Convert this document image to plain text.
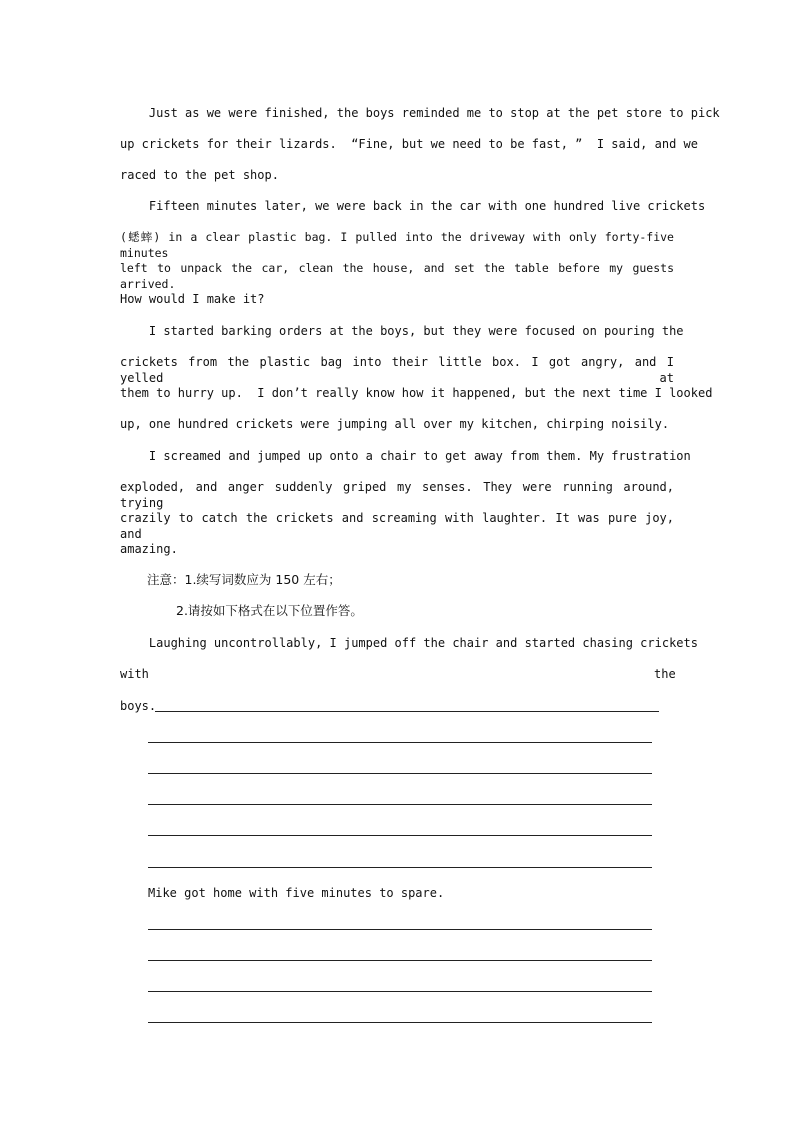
Just as we were finished, the boys reminded me to stop at the pet store to pick
up crickets for their lizards.  “Fine, but we need to be fast, ”  I said, and we
raced to the pet shop.
Fifteen minutes later, we were back in the car with one hundred live crickets
(蟋蟀) in a clear plastic bag. I pulled into the driveway with only forty-five minutes
left to unpack the car, clean the house, and set the table before my guests arrived.
How would I make it?
I started barking orders at the boys, but they were focused on pouring the
crickets from the plastic bag into their little box. I got angry, and I yelled at
them to hurry up.  I don’t really know how it happened, but the next time I looked
up, one hundred crickets were jumping all over my kitchen, chirping noisily.
I screamed and jumped up onto a chair to get away from them. My frustration
exploded, and anger suddenly griped my senses. They were running around, trying
crazily to catch the crickets and screaming with laughter. It was pure joy, and
amazing.
注意：1.续写词数应为 150 左右；
2.请按如下格式在以下位置作答。
Laughing uncontrollably, I jumped off the chair and started chasing crickets
with	the
boys.
Mike got home with five minutes to spare.
